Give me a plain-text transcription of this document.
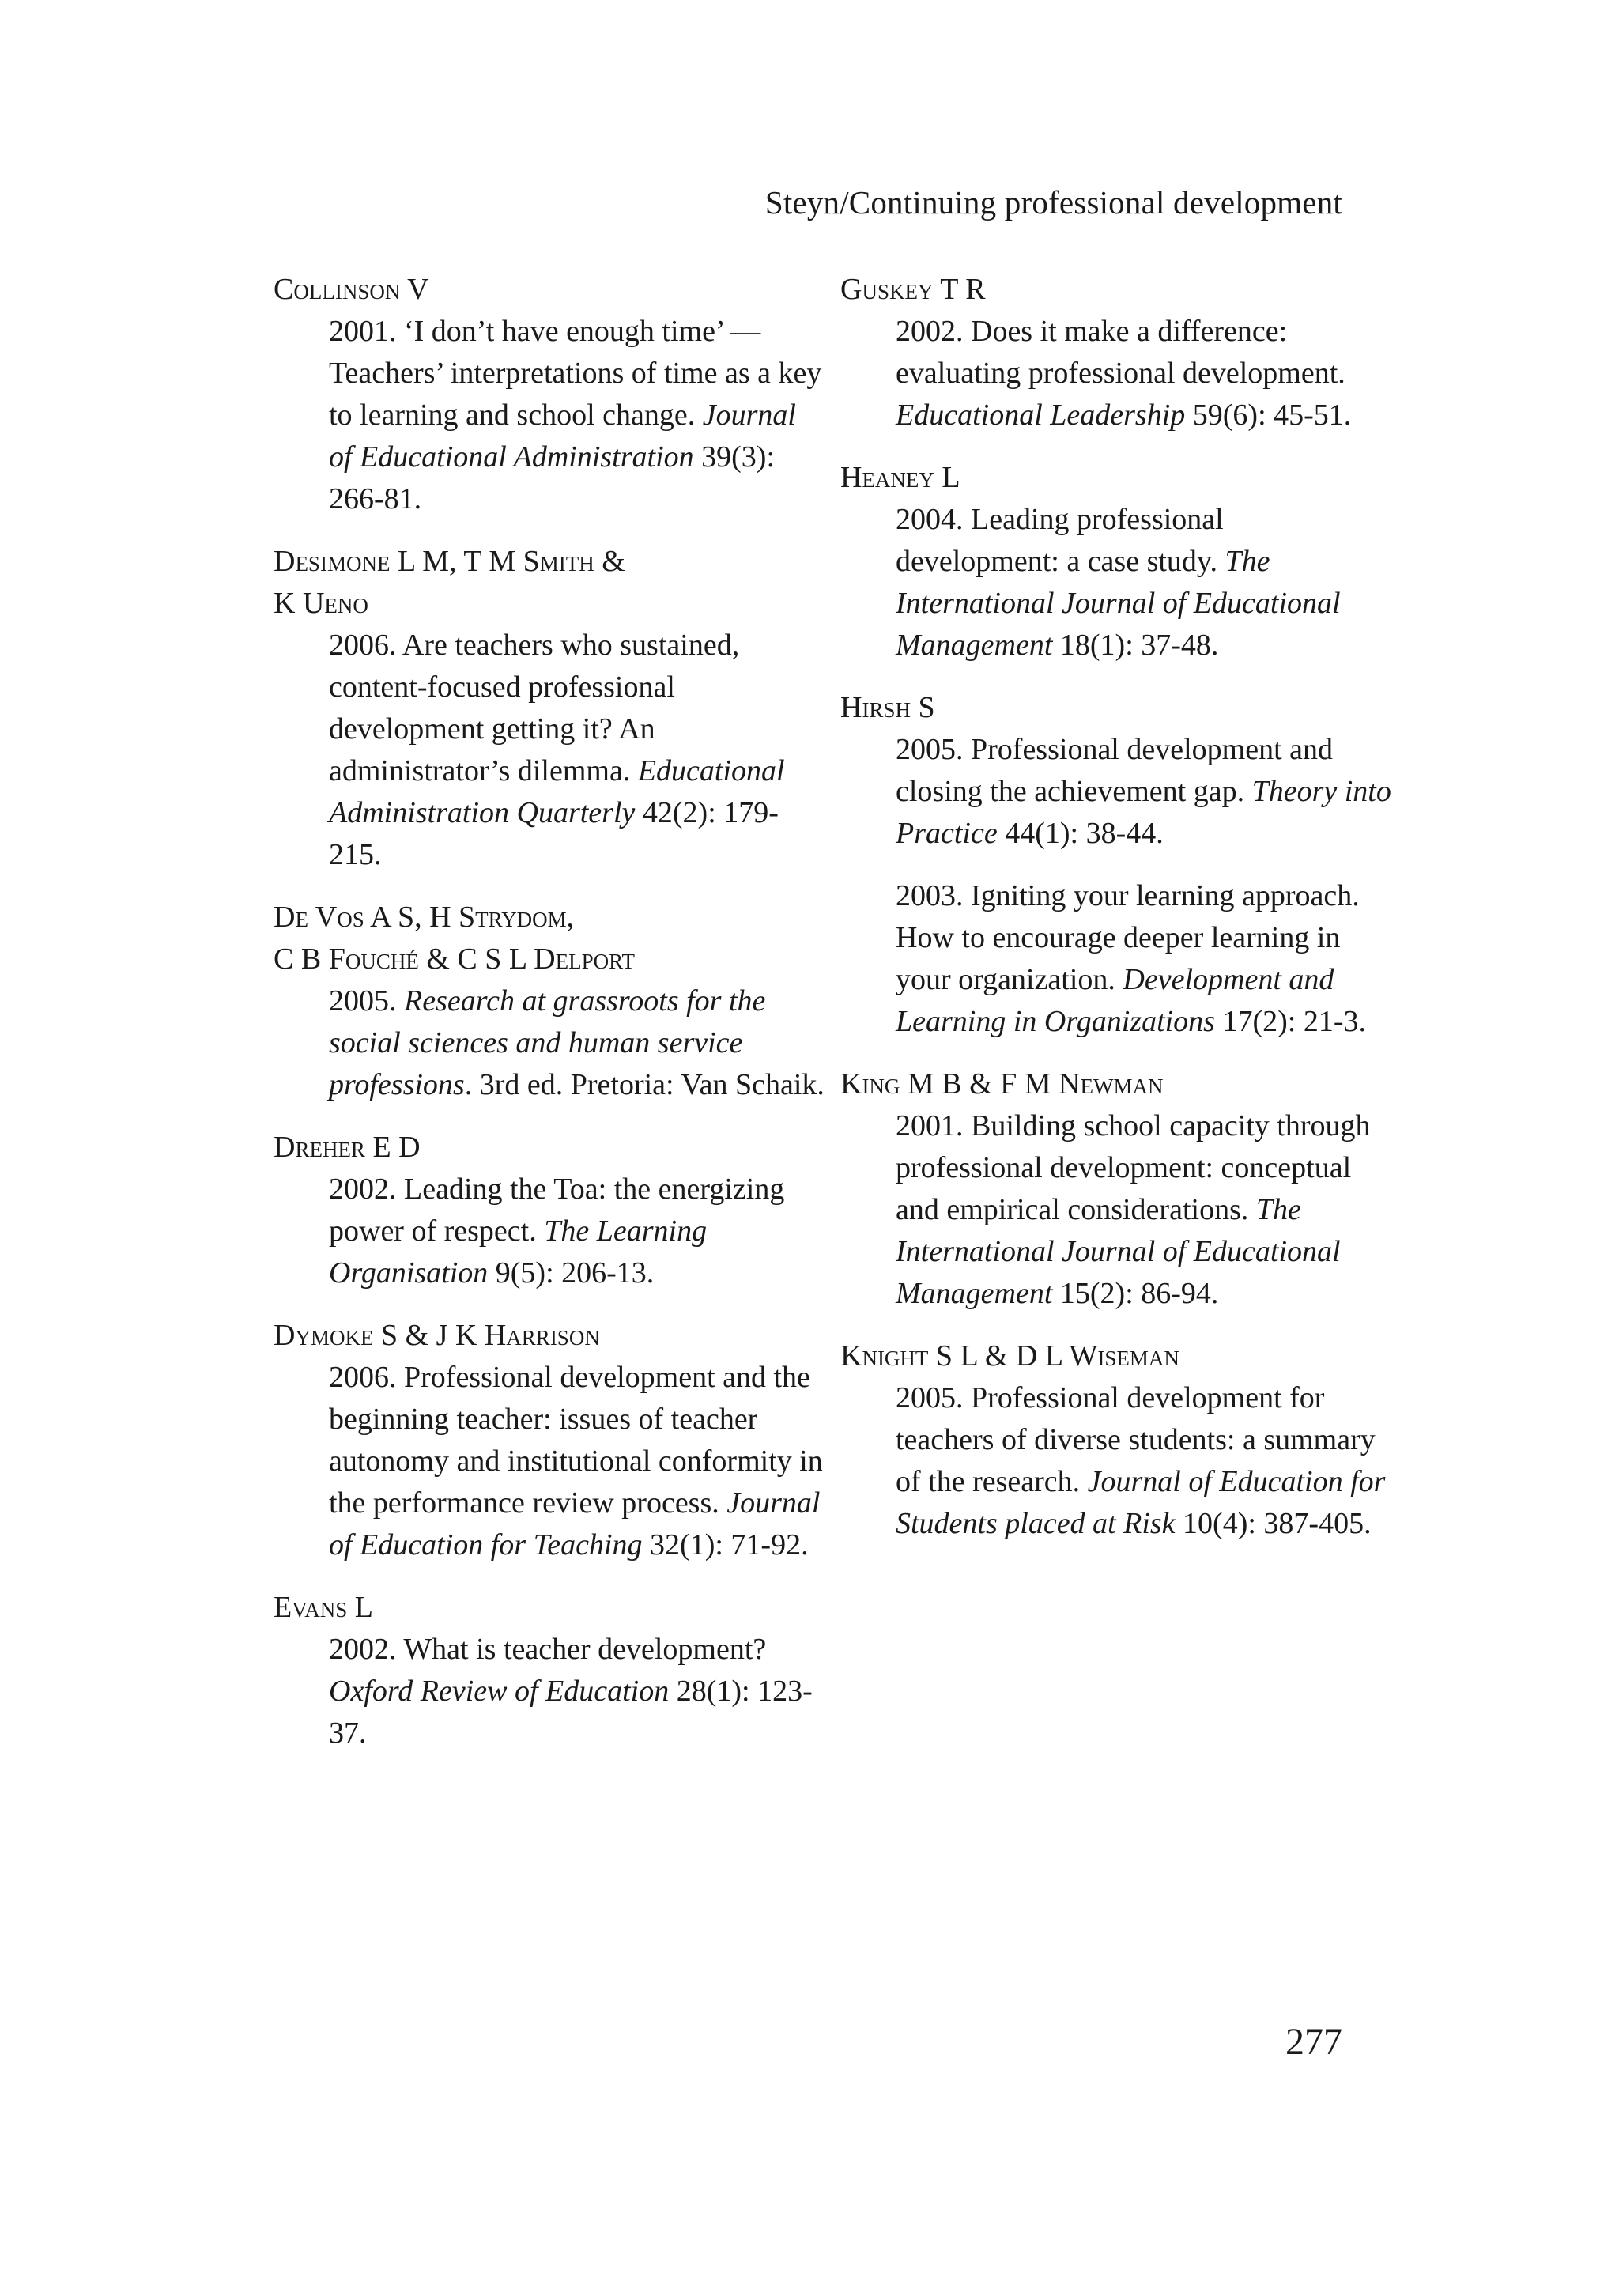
Steyn/Continuing professional development
Collinson V
2001. ‘I don’t have enough time’ — Teachers’ interpretations of time as a key to learning and school change. Journal of Educational Administration 39(3): 266-81.
Desimone L M, T M Smith &
K Ueno
2006. Are teachers who sustained, content-focused professional development getting it? An administrator’s dilemma. Educational Administration Quarterly 42(2): 179-215.
De Vos A S, H Strydom,
C B Fouché & C S L Delport
2005. Research at grassroots for the social sciences and human service professions. 3rd ed. Pretoria: Van Schaik.
Dreher E D
2002. Leading the Toa: the energizing power of respect. The Learning Organisation 9(5): 206-13.
Dymoke S & J K Harrison
2006. Professional development and the beginning teacher: issues of teacher autonomy and institutional conformity in the performance review process. Journal of Education for Teaching 32(1): 71-92.
Evans L
2002. What is teacher development? Oxford Review of Education 28(1): 123-37.
Guskey T R
2002. Does it make a difference: evaluating professional development. Educational Leadership 59(6): 45-51.
Heaney L
2004. Leading professional development: a case study. The International Journal of Educational Management 18(1): 37-48.
Hirsh S
2005. Professional development and closing the achievement gap. Theory into Practice 44(1): 38-44.
2003. Igniting your learning approach. How to encourage deeper learning in your organization. Development and Learning in Organizations 17(2): 21-3.
King M B & F M Newman
2001. Building school capacity through professional development: conceptual and empirical considerations. The International Journal of Educational Management 15(2): 86-94.
Knight S L & D L Wiseman
2005. Professional development for teachers of diverse students: a summary of the research. Journal of Education for Students placed at Risk 10(4): 387-405.
277
